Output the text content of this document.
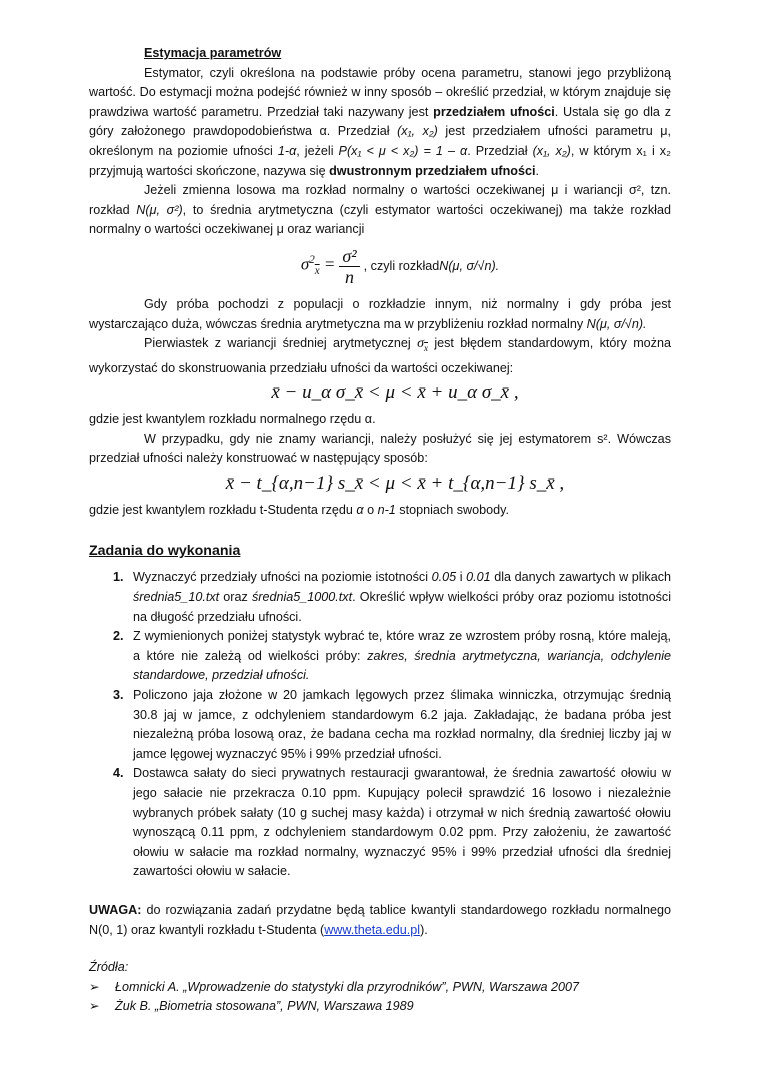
Estymacja parametrów

Estymator, czyli określona na podstawie próby ocena parametru, stanowi jego przybliżoną wartość. Do estymacji można podejść również w inny sposób – określić przedział, w którym znajduje się prawdziwa wartość parametru. Przedział taki nazywany jest przedziałem ufności. Ustala się go dla z góry założonego prawdopodobieństwa α. Przedział (x₁, x₂) jest przedziałem ufności parametru μ, określonym na poziomie ufności 1-α, jeżeli P(x₁ < μ < x₂) = 1 – α. Przedział (x₁, x₂), w którym x₁ i x₂ przyjmują wartości skończone, nazywa się dwustronnym przedziałem ufności.

Jeżeli zmienna losowa ma rozkład normalny o wartości oczekiwanej μ i wariancji σ², tzn. rozkład N(μ, σ²), to średnia arytmetyczna (czyli estymator wartości oczekiwanej) ma także rozkład normalny o wartości oczekiwanej μ oraz wariancji

$\sigma^2_{\overline{x}} = \frac{\text{σ²}}{n}$ , czyli rozkład N(μ, σ/√n).

Gdy próba pochodzi z populacji o rozkładzie innym, niż normalny i gdy próba jest wystarczająco duża, wówczas średnia arytmetyczna ma w przybliżeniu rozkład normalny N(μ, σ/√n).

Pierwiastek z wariancji średniej arytmetycznej $\sigma_{\overline{x}}$ jest błędem standardowym, który można wykorzystać do skonstruowania przedziału ufności da wartości oczekiwanej:

x̄ − u_α σ_x̄ < μ < x̄ + u_α σ_x̄ ,

gdzie jest kwantylem rozkładu normalnego rzędu α.

W przypadku, gdy nie znamy wariancji, należy posłużyć się jej estymatorem s². Wówczas przedział ufności należy konstruować w następujący sposób:

x̄ − t_{α,n−1} s_x̄ < μ < x̄ + t_{α,n−1} s_x̄ ,

gdzie jest kwantylem rozkładu t-Studenta rzędu α o n-1 stopniach swobody.

Zadania do wykonania
1. Wyznaczyć przedziały ufności na poziomie istotności 0.05 i 0.01 dla danych zawartych w plikach średnia5_10.txt oraz średnia5_1000.txt. Określić wpływ wielkości próby oraz poziomu istotności na długość przedziału ufności.
2. Z wymienionych poniżej statystyk wybrać te, które wraz ze wzrostem próby rosną, które maleją, a które nie zależą od wielkości próby: zakres, średnia arytmetyczna, wariancja, odchylenie standardowe, przedział ufności.
3. Policzono jaja złożone w 20 jamkach lęgowych przez ślimaka winniczka, otrzymując średnią 30.8 jaj w jamce, z odchyleniem standardowym 6.2 jaja. Zakładając, że badana próba jest niezależną próba losową oraz, że badana cecha ma rozkład normalny, dla średniej liczby jaj w jamce lęgowej wyznaczyć 95% i 99% przedział ufności.
4. Dostawca sałaty do sieci prywatnych restauracji gwarantował, że średnia zawartość ołowiu w jego sałacie nie przekracza 0.10 ppm. Kupujący polecił sprawdzić 16 losowo i niezależnie wybranych próbek sałaty (10 g suchej masy każda) i otrzymał w nich średnią zawartość ołowiu wynoszącą 0.11 ppm, z odchyleniem standardowym 0.02 ppm. Przy założeniu, że zawartość ołowiu w sałacie ma rozkład normalny, wyznaczyć 95% i 99% przedział ufności dla średniej zawartości ołowiu w sałacie.

UWAGA: do rozwiązania zadań przydatne będą tablice kwantyli standardowego rozkładu normalnego N(0, 1) oraz kwantyli rozkładu t-Studenta (www.theta.edu.pl).

Źródła:

➢	Łomnicki A. „Wprowadzenie do statystyki dla przyrodników”, PWN, Warszawa 2007
➢	Żuk B. „Biometria stosowana”, PWN, Warszawa 1989
